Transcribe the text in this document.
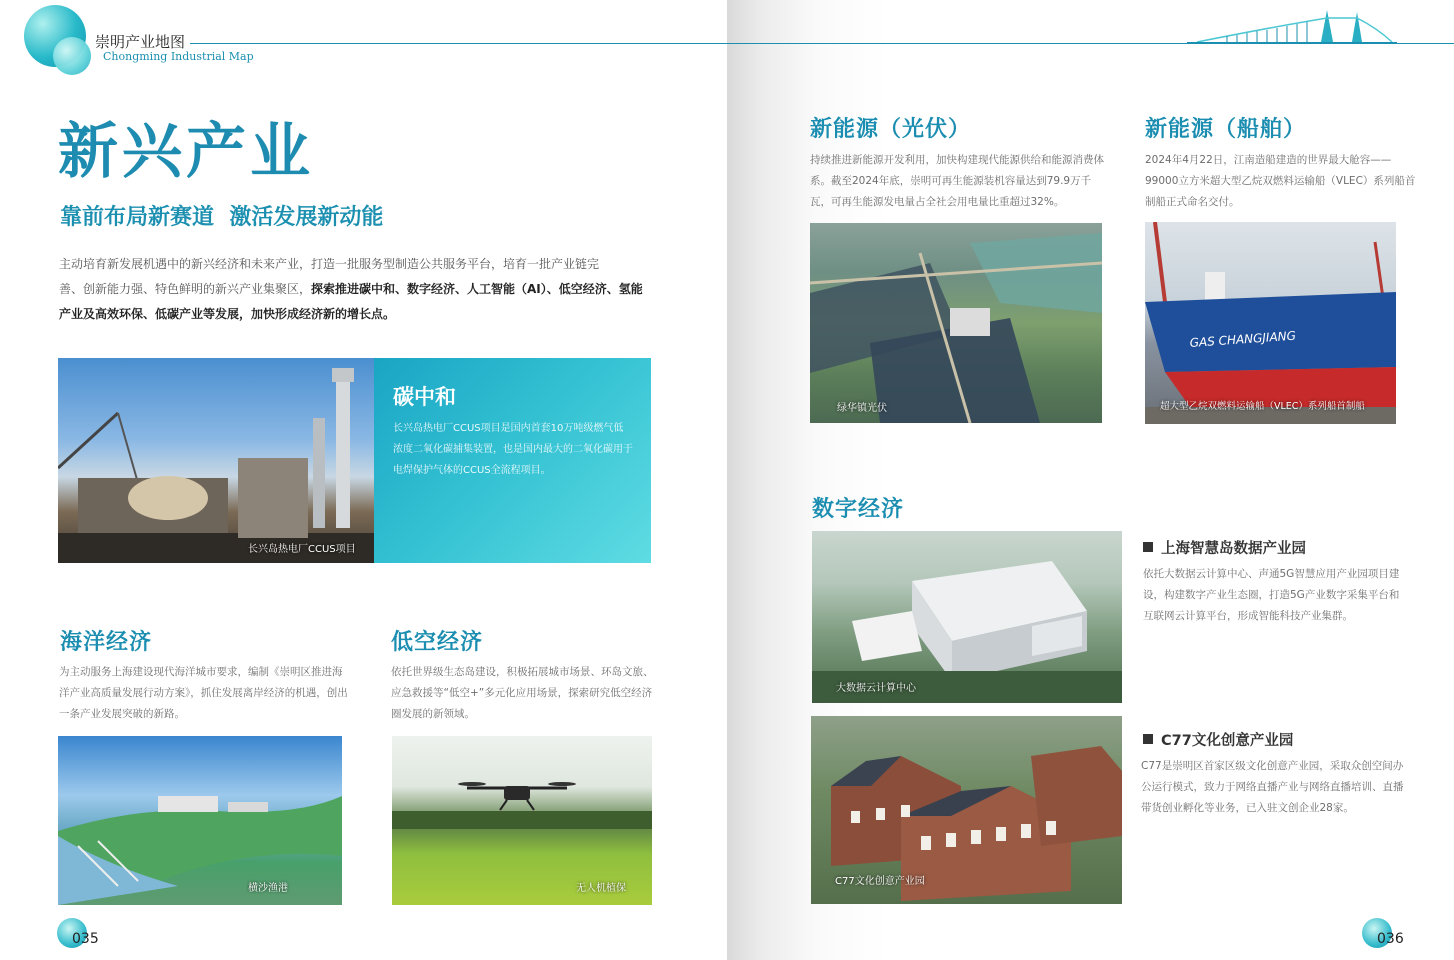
崇明产业地图
Chongming Industrial Map
新兴产业
靠前布局新赛道  激活发展新动能
主动培育新发展机遇中的新兴经济和未来产业，打造一批服务型制造公共服务平台，培育一批产业链完
善、创新能力强、特色鲜明的新兴产业集聚区，探索推进碳中和、数字经济、人工智能（AI）、低空经济、氢能
产业及高效环保、低碳产业等发展，加快形成经济新的增长点。
长兴岛热电厂CCUS项目
碳中和
长兴岛热电厂CCUS项目是国内首套10万吨级燃气低浓度二氧化碳捕集装置，也是国内最大的二氧化碳用于电焊保护气体的CCUS全流程项目。
海洋经济
为主动服务上海建设现代海洋城市要求，编制《崇明区推进海洋产业高质量发展行动方案》，抓住发展离岸经济的机遇，创出一条产业发展突破的新路。
横沙渔港
低空经济
依托世界级生态岛建设，积极拓展城市场景、环岛文旅、应急救援等“低空+”多元化应用场景，探索研究低空经济圈发展的新领域。
无人机植保
035
新能源（光伏）
持续推进新能源开发利用，加快构建现代能源供给和能源消费体系。截至2024年底，崇明可再生能源装机容量达到79.9万千瓦，可再生能源发电量占全社会用电量比重超过32%。
绿华镇光伏
新能源（船舶）
2024年4月22日，江南造船建造的世界最大舱容——99000立方米超大型乙烷双燃料运输船（VLEC）系列船首制船正式命名交付。
GAS CHANGJIANG
超大型乙烷双燃料运输船（VLEC）系列船首制船
数字经济
大数据云计算中心
上海智慧岛数据产业园
依托大数据云计算中心、声通5G智慧应用产业园项目建设，构建数字产业生态圈，打造5G产业数字采集平台和互联网云计算平台，形成智能科技产业集群。
C77文化创意产业园
C77文化创意产业园
C77是崇明区首家区级文化创意产业园，采取众创空间办公运行模式，致力于网络直播产业与网络直播培训、直播带货创业孵化等业务，已入驻文创企业28家。
036
